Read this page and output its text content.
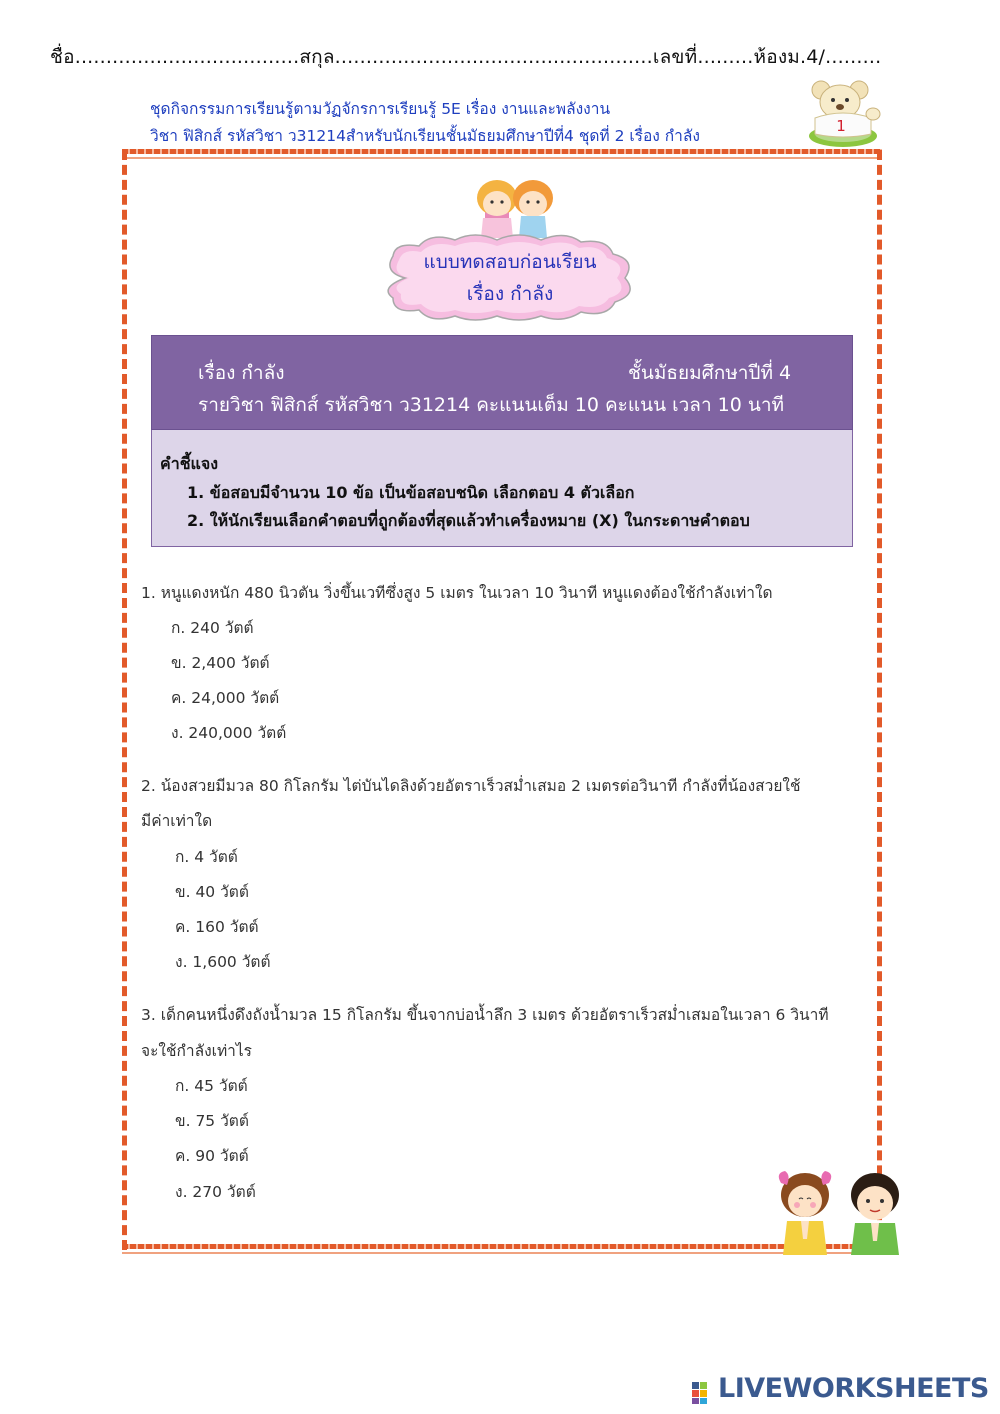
ชื่อ....................................สกุล...................................................เลขที่.........ห้องม.4/.........
ชุดกิจกรรมการเรียนรู้ตามวัฏจักรการเรียนรู้ 5E เรื่อง งานและพลังงาน
วิชา ฟิสิกส์ รหัสวิชา ว31214สำหรับนักเรียนชั้นมัธยมศึกษาปีที่4 ชุดที่ 2 เรื่อง กำลัง
1
แบบทดสอบก่อนเรียน
เรื่อง กำลัง
เรื่อง กำลัง	ชั้นมัธยมศึกษาปีที่ 4
รายวิชา ฟิสิกส์ รหัสวิชา ว31214 คะแนนเต็ม 10 คะแนน เวลา 10 นาที
คำชี้แจง
1. ข้อสอบมีจำนวน 10 ข้อ เป็นข้อสอบชนิด เลือกตอบ 4 ตัวเลือก
2. ให้นักเรียนเลือกคำตอบที่ถูกต้องที่สุดแล้วทำเครื่องหมาย (X) ในกระดาษคำตอบ
1. หนูแดงหนัก 480 นิวตัน วิ่งขึ้นเวทีซึ่งสูง 5 เมตร ในเวลา 10 วินาที หนูแดงต้องใช้กำลังเท่าใด
ก. 240 วัตต์
ข. 2,400 วัตต์
ค. 24,000 วัตต์
ง. 240,000 วัตต์
2. น้องสวยมีมวล 80 กิโลกรัม ไต่บันไดลิงด้วยอัตราเร็วสม่ำเสมอ 2 เมตรต่อวินาที กำลังที่น้องสวยใช้
มีค่าเท่าใด
ก. 4 วัตต์
ข. 40 วัตต์
ค. 160 วัตต์
ง. 1,600 วัตต์
3. เด็กคนหนึ่งดึงถังน้ำมวล 15 กิโลกรัม ขึ้นจากบ่อน้ำลึก 3 เมตร ด้วยอัตราเร็วสม่ำเสมอในเวลา 6 วินาที
จะใช้กำลังเท่าไร
ก. 45 วัตต์
ข. 75 วัตต์
ค. 90 วัตต์
ง. 270 วัตต์
LIVEWORKSHEETS
